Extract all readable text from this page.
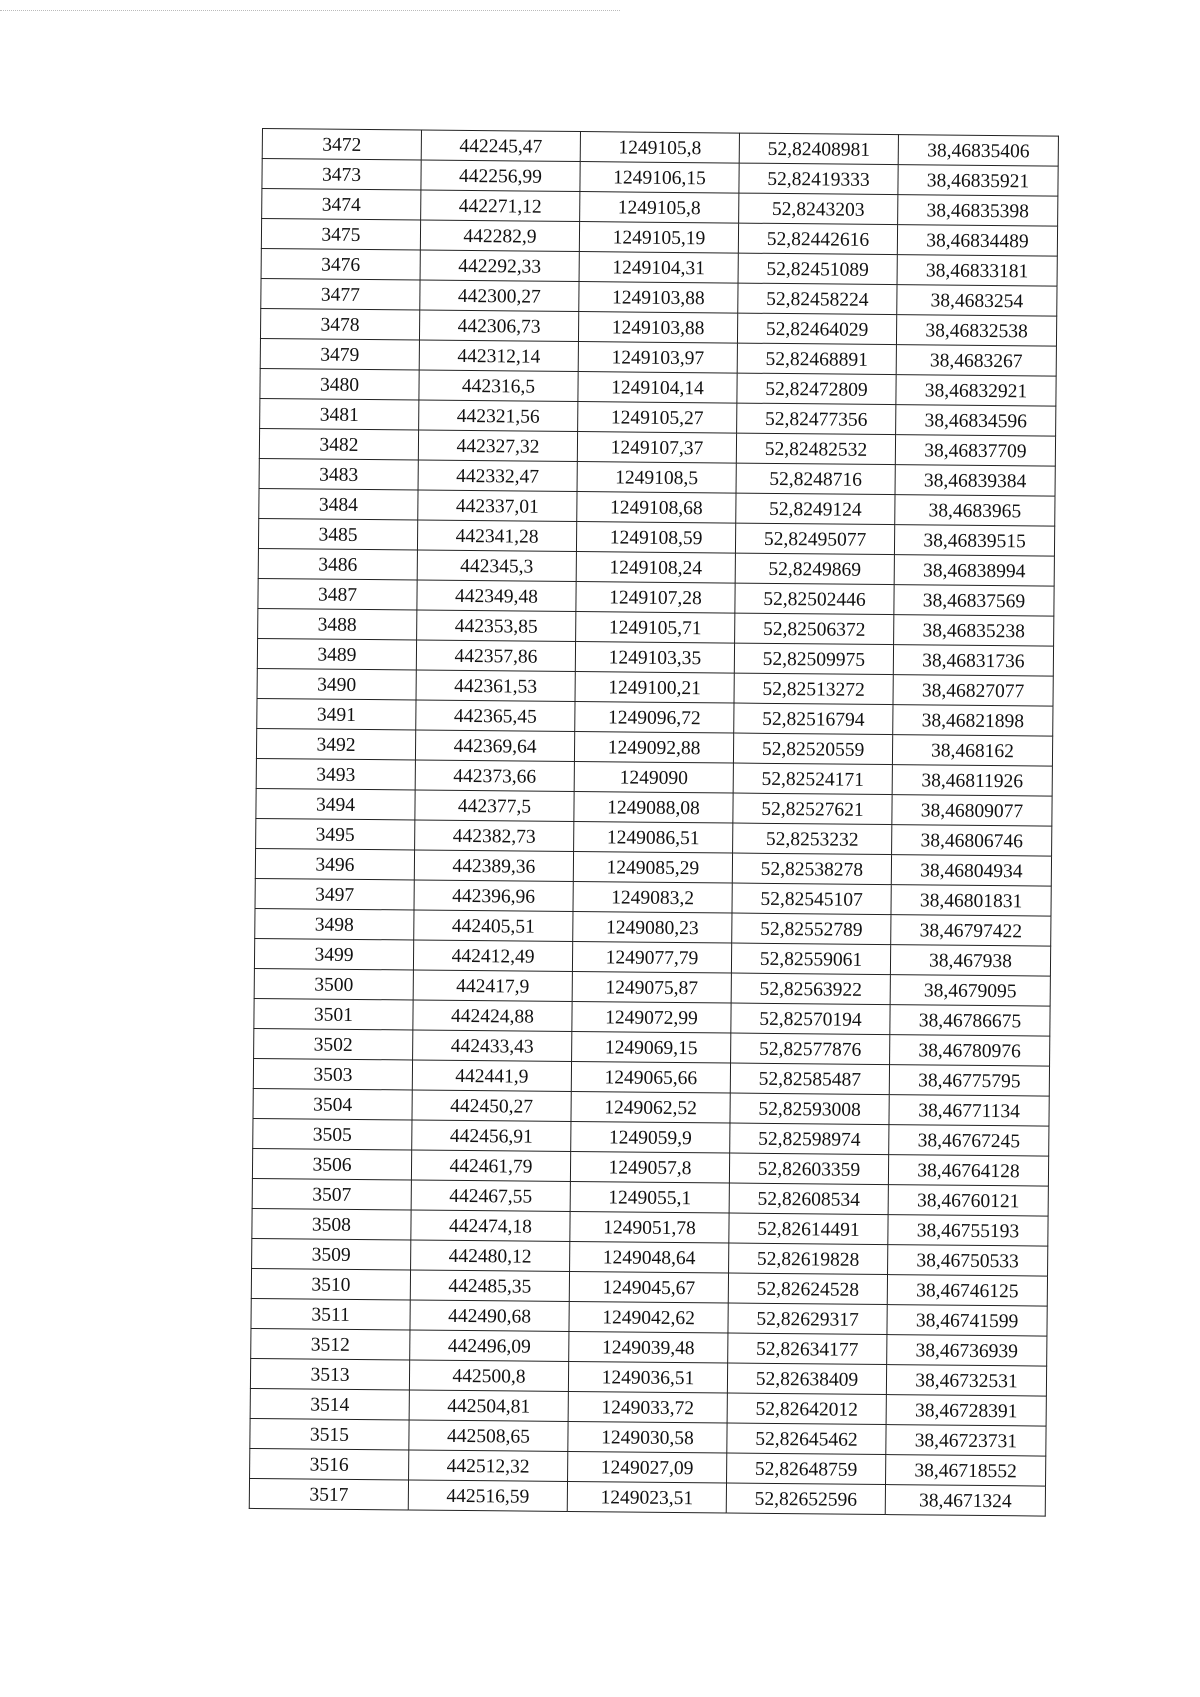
3472	442245,47	1249105,8	52,82408981	38,46835406
3473	442256,99	1249106,15	52,82419333	38,46835921
3474	442271,12	1249105,8	52,8243203	38,46835398
3475	442282,9	1249105,19	52,82442616	38,46834489
3476	442292,33	1249104,31	52,82451089	38,46833181
3477	442300,27	1249103,88	52,82458224	38,4683254
3478	442306,73	1249103,88	52,82464029	38,46832538
3479	442312,14	1249103,97	52,82468891	38,4683267
3480	442316,5	1249104,14	52,82472809	38,46832921
3481	442321,56	1249105,27	52,82477356	38,46834596
3482	442327,32	1249107,37	52,82482532	38,46837709
3483	442332,47	1249108,5	52,8248716	38,46839384
3484	442337,01	1249108,68	52,8249124	38,4683965
3485	442341,28	1249108,59	52,82495077	38,46839515
3486	442345,3	1249108,24	52,8249869	38,46838994
3487	442349,48	1249107,28	52,82502446	38,46837569
3488	442353,85	1249105,71	52,82506372	38,46835238
3489	442357,86	1249103,35	52,82509975	38,46831736
3490	442361,53	1249100,21	52,82513272	38,46827077
3491	442365,45	1249096,72	52,82516794	38,46821898
3492	442369,64	1249092,88	52,82520559	38,468162
3493	442373,66	1249090	52,82524171	38,46811926
3494	442377,5	1249088,08	52,82527621	38,46809077
3495	442382,73	1249086,51	52,8253232	38,46806746
3496	442389,36	1249085,29	52,82538278	38,46804934
3497	442396,96	1249083,2	52,82545107	38,46801831
3498	442405,51	1249080,23	52,82552789	38,46797422
3499	442412,49	1249077,79	52,82559061	38,467938
3500	442417,9	1249075,87	52,82563922	38,4679095
3501	442424,88	1249072,99	52,82570194	38,46786675
3502	442433,43	1249069,15	52,82577876	38,46780976
3503	442441,9	1249065,66	52,82585487	38,46775795
3504	442450,27	1249062,52	52,82593008	38,46771134
3505	442456,91	1249059,9	52,82598974	38,46767245
3506	442461,79	1249057,8	52,82603359	38,46764128
3507	442467,55	1249055,1	52,82608534	38,46760121
3508	442474,18	1249051,78	52,82614491	38,46755193
3509	442480,12	1249048,64	52,82619828	38,46750533
3510	442485,35	1249045,67	52,82624528	38,46746125
3511	442490,68	1249042,62	52,82629317	38,46741599
3512	442496,09	1249039,48	52,82634177	38,46736939
3513	442500,8	1249036,51	52,82638409	38,46732531
3514	442504,81	1249033,72	52,82642012	38,46728391
3515	442508,65	1249030,58	52,82645462	38,46723731
3516	442512,32	1249027,09	52,82648759	38,46718552
3517	442516,59	1249023,51	52,82652596	38,4671324
